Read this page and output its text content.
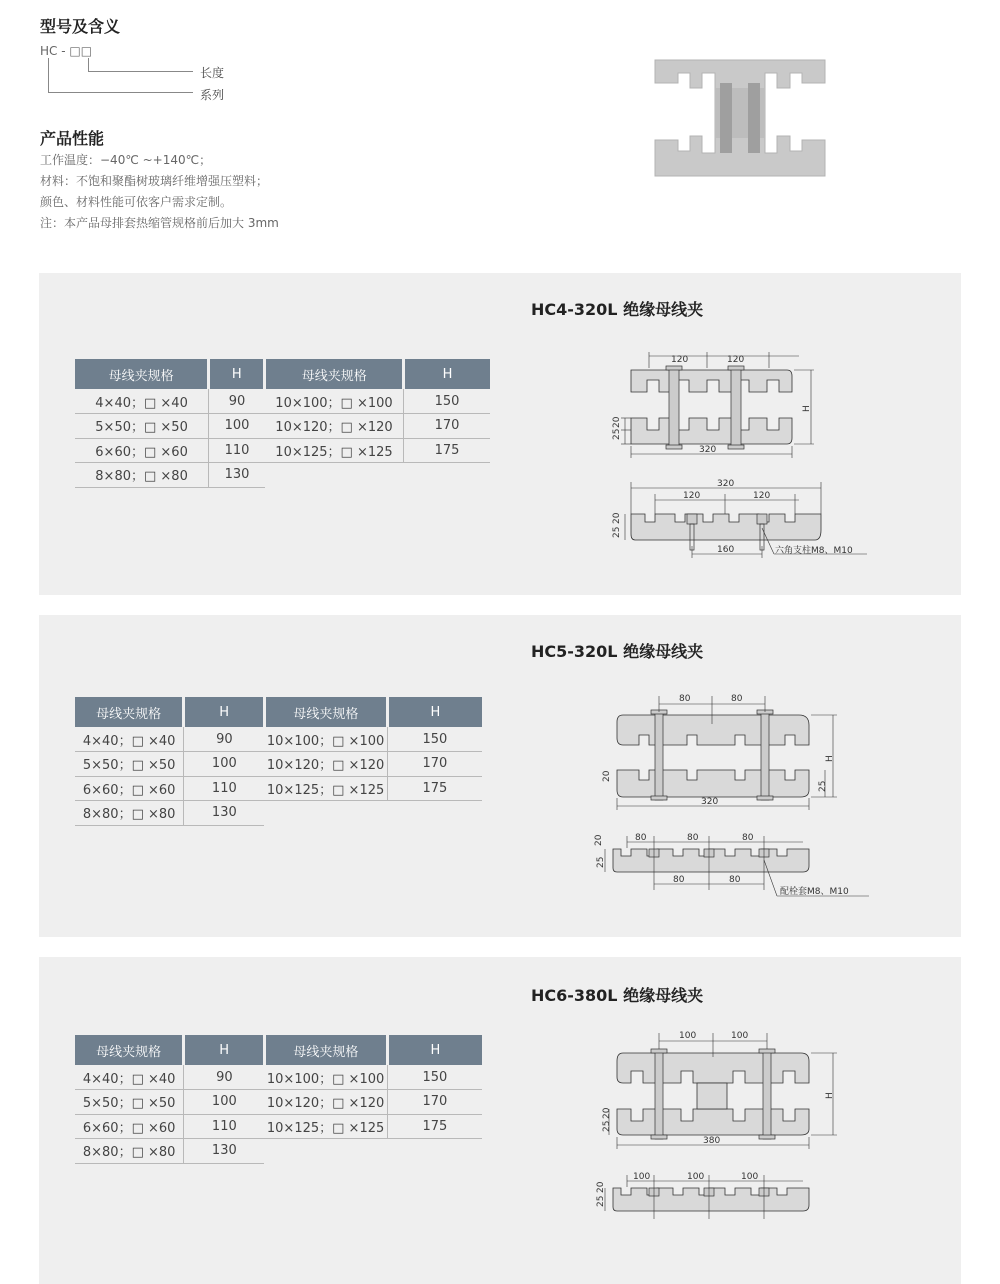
型号及含义
HC - □□
长度
系列
产品性能
工作温度：−40℃ ~+140℃；
材料：不饱和聚酯树玻璃纤维增强压塑料；
颜色、材料性能可依客户需求定制。
注：本产品母排套热缩管规格前后加大 3mm
HC4-320L 绝缘母线夹
母线夹规格	H	母线夹规格	H
4×40；□ ×40	90	10×100；□ ×100	150
5×50；□ ×50	100	10×120；□ ×120	170
6×60；□ ×60	110	10×125；□ ×125	175
8×80；□ ×80	130		
120	120
320
H
25
20
320
120	120
160	六角支柱M8、M10
25
20
HC5-320L 绝缘母线夹
母线夹规格	H	母线夹规格	H
4×40；□ ×40	90	10×100；□ ×100	150
5×50；□ ×50	100	10×120；□ ×120	170
6×60；□ ×60	110	10×125；□ ×125	175
8×80；□ ×80	130		
80	80
320
H
20
25
80	80	80
80	80
配栓套M8、M10
20
25
HC6-380L 绝缘母线夹
母线夹规格	H	母线夹规格	H
4×40；□ ×40	90	10×100；□ ×100	150
5×50；□ ×50	100	10×120；□ ×120	170
6×60；□ ×60	110	10×125；□ ×125	175
8×80；□ ×80	130		
100	100
380
H
20
25
100	100	100
20
25
